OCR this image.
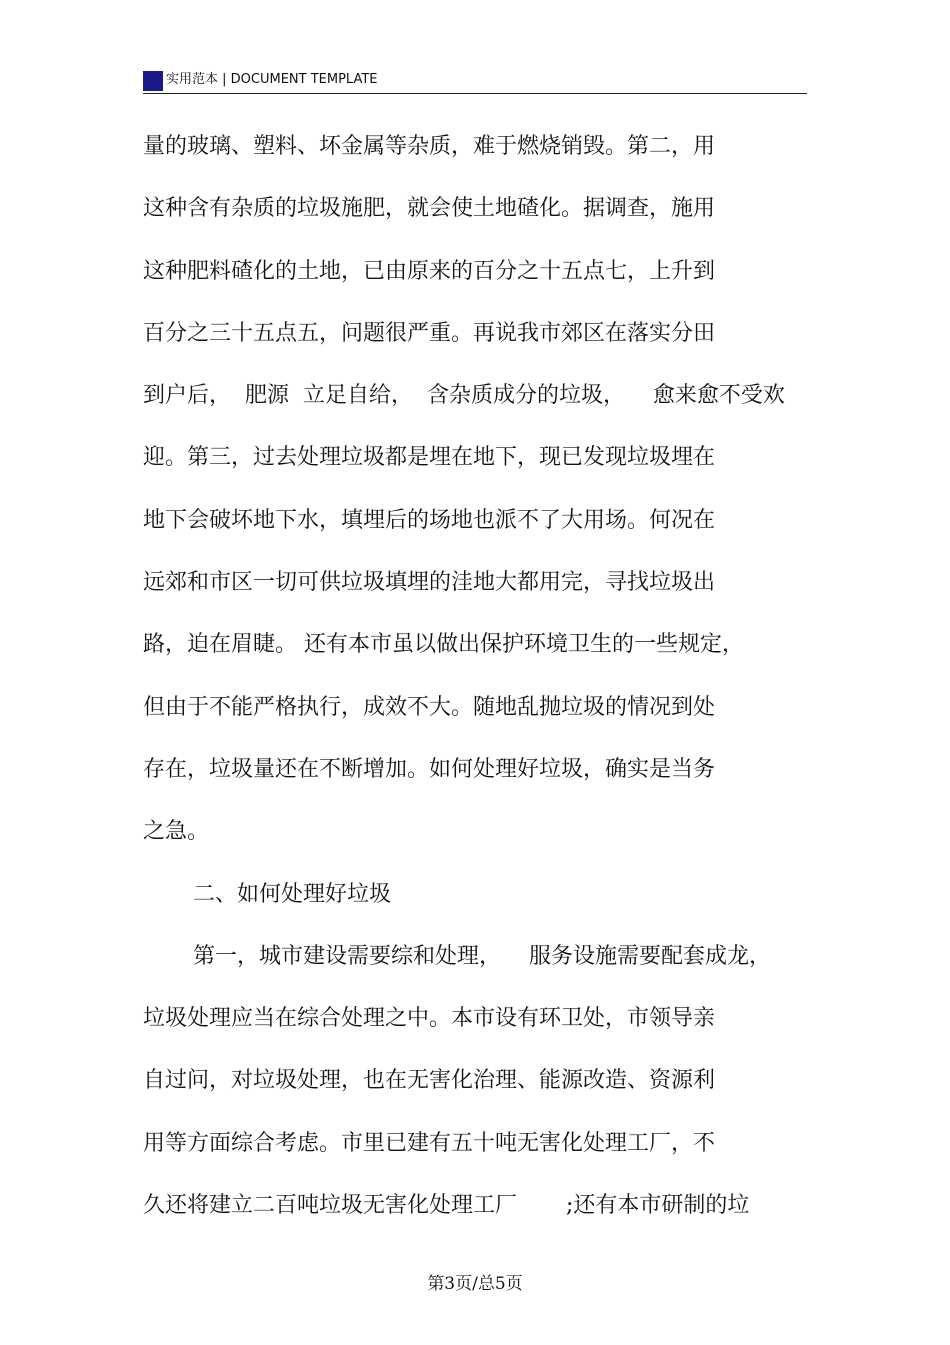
实用范本 | DOCUMENT TEMPLATE
量的玻璃、塑料、坏金属等杂质，难于燃烧销毁。第二，用
这种含有杂质的垃圾施肥，就会使土地碴化。据调查，施用
这种肥料碴化的土地，已由原来的百分之十五点七，上升到
百分之三十五点五，问题很严重。再说我市郊区在落实分田
到户后，  肥源  立足自给，  含杂质成分的垃圾，    愈来愈不受欢
迎。第三，过去处理垃圾都是埋在地下，现已发现垃圾埋在
地下会破坏地下水，填埋后的场地也派不了大用场。何况在
远郊和市区一切可供垃圾填埋的洼地大都用完，寻找垃圾出
路，迫在眉睫。 还有本市虽以做出保护环境卫生的一些规定，
但由于不能严格执行，成效不大。随地乱抛垃圾的情况到处
存在，垃圾量还在不断增加。如何处理好垃圾，确实是当务
之急。
二、如何处理好垃圾
第一，城市建设需要综和处理，    服务设施需要配套成龙，
垃圾处理应当在综合处理之中。本市设有环卫处，市领导亲
自过问，对垃圾处理，也在无害化治理、能源改造、资源利
用等方面综合考虑。市里已建有五十吨无害化处理工厂，不
久还将建立二百吨垃圾无害化处理工厂       ;还有本市研制的垃
第3页/总5页
